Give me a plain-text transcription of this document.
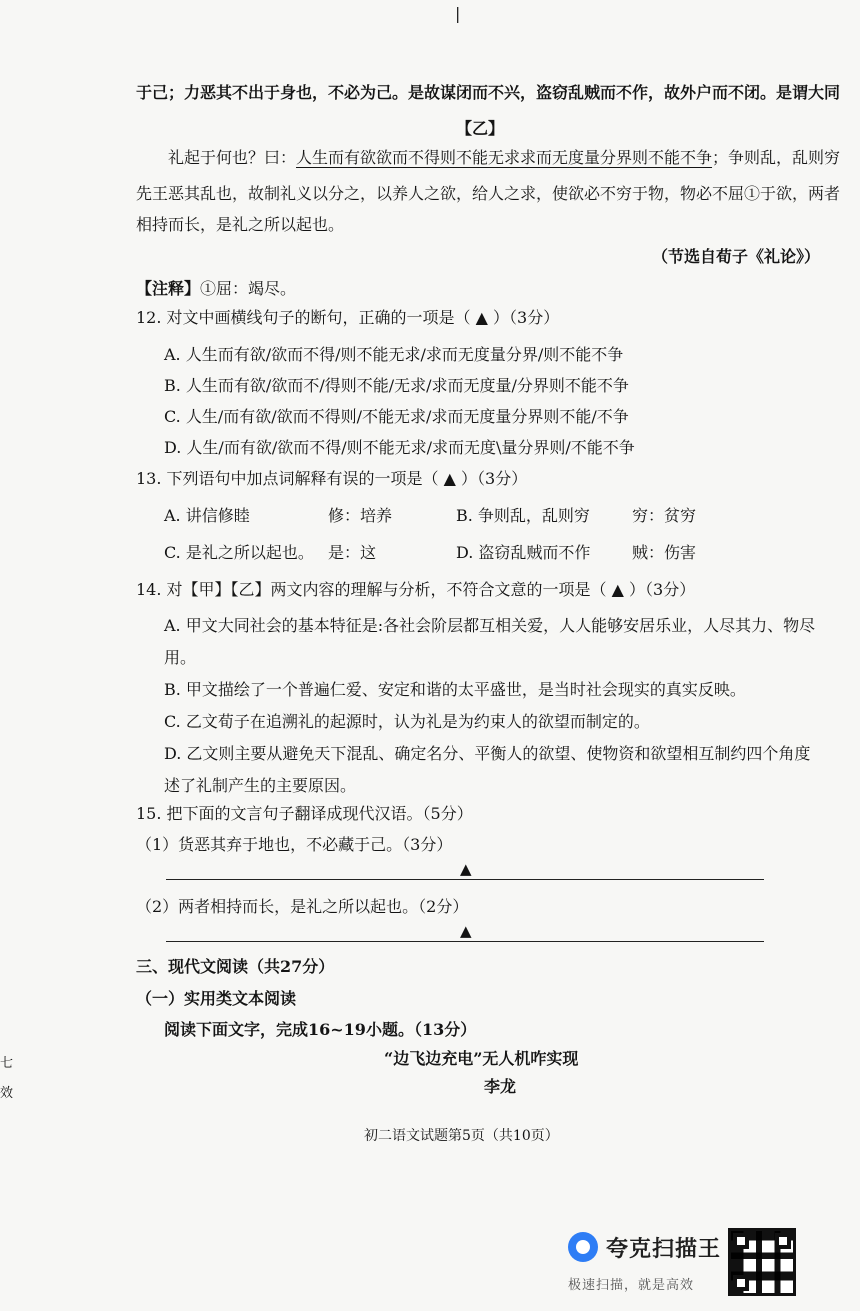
|
于己；力恶其不出于身也，不必为己。是故谋闭而不兴，盗窃乱贼而不作，故外户而不闭。是谓大同
【乙】
礼起于何也？曰：人生而有欲欲而不得则不能无求求而无度量分界则不能不争；争则乱，乱则穷
先王恶其乱也，故制礼义以分之，以养人之欲，给人之求，使欲必不穷于物，物必不屈①于欲，两者
相持而长，是礼之所以起也。
（节选自荀子《礼论》）
【注释】①屈：竭尽。
12. 对文中画横线句子的断句，正确的一项是（ ▲ ）（3分）
A. 人生而有欲/欲而不得/则不能无求/求而无度量分界/则不能不争
B. 人生而有欲/欲而不/得则不能/无求/求而无度量/分界则不能不争
C. 人生/而有欲/欲而不得则/不能无求/求而无度量分界则不能/不争
D. 人生/而有欲/欲而不得/则不能无求/求而无度\量分界则/不能不争
13. 下列语句中加点词解释有误的一项是（ ▲ ）（3分）
A. 讲信修睦	修：培养	B. 争则乱，乱则穷	穷：贫穷
C. 是礼之所以起也。 是：这	D. 盗窃乱贼而不作	贼：伤害
14. 对【甲】【乙】两文内容的理解与分析，不符合文意的一项是（ ▲ ）（3分）
A. 甲文大同社会的基本特征是:各社会阶层都互相关爱，人人能够安居乐业，人尽其力、物尽
用。
B. 甲文描绘了一个普遍仁爱、安定和谐的太平盛世，是当时社会现实的真实反映。
C. 乙文荀子在追溯礼的起源时，认为礼是为约束人的欲望而制定的。
D. 乙文则主要从避免天下混乱、确定名分、平衡人的欲望、使物资和欲望相互制约四个角度
述了礼制产生的主要原因。
15. 把下面的文言句子翻译成现代汉语。（5分）
（1）货恶其弃于地也，不必藏于己。（3分）
▲
（2）两者相持而长，是礼之所以起也。（2分）
▲
三、现代文阅读（共27分）
（一）实用类文本阅读
阅读下面文字，完成16~19小题。（13分）
“边飞边充电”无人机咋实现
李龙
七
效
初二语文试题第5页（共10页）
夸克扫描王
极速扫描，就是高效
